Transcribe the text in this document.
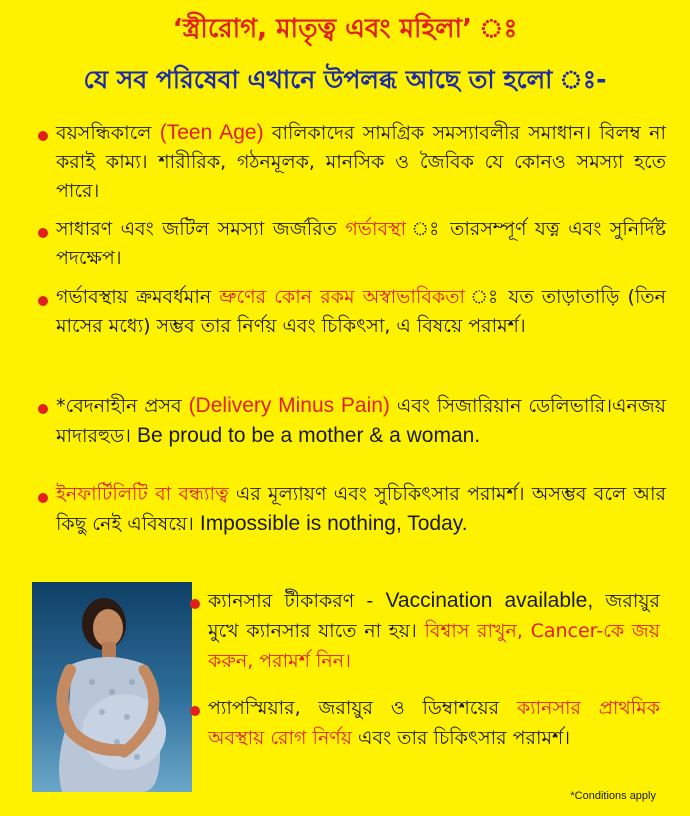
‘স্ত্রীরোগ, মাতৃত্ব এবং মহিলা’ ঃ
যে সব পরিষেবা এখানে উপলব্ধ আছে তা হলো ঃ-
বয়সন্ধিকালে (Teen Age) বালিকাদের সামগ্রিক সমস্যাবলীর সমাধান। বিলম্ব না করাই কাম্য। শারীরিক, গঠনমূলক, মানসিক ও জৈবিক যে কোনও সমস্যা হতে পারে।
সাধারণ এবং জটিল সমস্যা জর্জরিত গর্ভাবস্থা ঃ তারসম্পূর্ণ যত্ন এবং সুনির্দিষ্ট পদক্ষেপ।
গর্ভাবস্থায় ক্রমবর্ধমান ভ্রুণের কোন রকম অস্বাভাবিকতা ঃ যত তাড়াতাড়ি (তিন মাসের মধ্যে) সম্ভব তার নির্ণয় এবং চিকিৎসা, এ বিষয়ে পরামর্শ।
*বেদনাহীন প্রসব (Delivery Minus Pain) এবং সিজারিয়ান ডেলিভারি।এনজয় মাদারহুড। Be proud to be a mother & a woman.
ইনফার্টিলিটি বা বন্ধ্যাত্ব এর মূল্যায়ণ এবং সুচিকিৎসার পরামর্শ। অসম্ভব বলে আর কিছু নেই এবিষয়ে। Impossible is nothing, Today.
ক্যানসার টীকাকরণ - Vaccination available, জরায়ুর মুখে ক্যানসার যাতে না হয়। বিশ্বাস রাখুন, Cancer-কে জয় করুন, পরামর্শ নিন।
প্যাপস্মিয়ার, জরায়ুর ও ডিম্বাশয়ের ক্যানসার প্রাথমিক অবস্থায় রোগ নির্ণয় এবং তার চিকিৎসার পরামর্শ।
*Conditions apply
